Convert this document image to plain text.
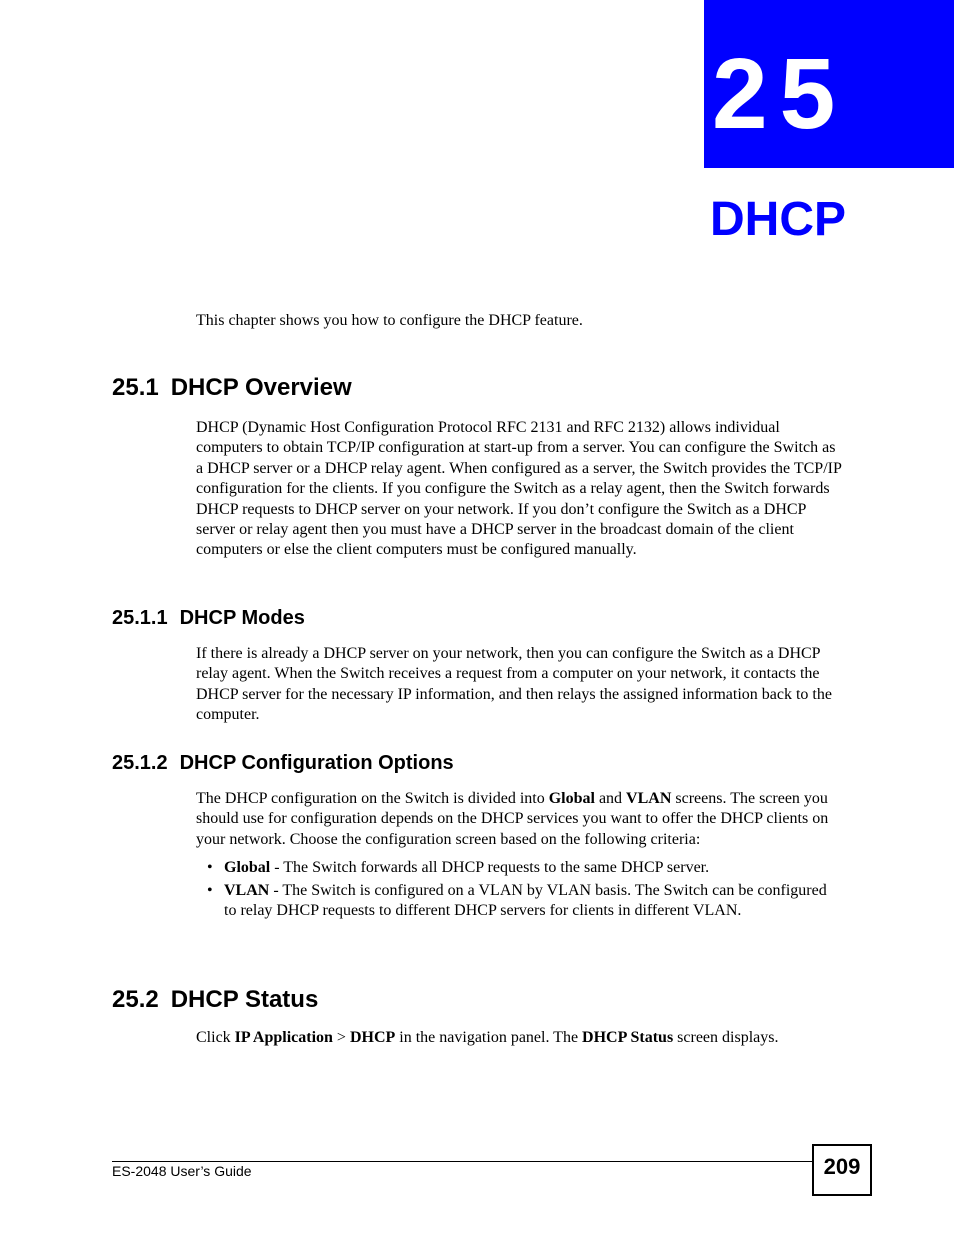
25
DHCP

This chapter shows you how to configure the DHCP feature.

25.1 DHCP Overview

DHCP (Dynamic Host Configuration Protocol RFC 2131 and RFC 2132) allows individual computers to obtain TCP/IP configuration at start-up from a server. You can configure the Switch as a DHCP server or a DHCP relay agent. When configured as a server, the Switch provides the TCP/IP configuration for the clients. If you configure the Switch as a relay agent, then the Switch forwards DHCP requests to DHCP server on your network. If you don’t configure the Switch as a DHCP server or relay agent then you must have a DHCP server in the broadcast domain of the client computers or else the client computers must be configured manually.

25.1.1 DHCP Modes

If there is already a DHCP server on your network, then you can configure the Switch as a DHCP relay agent. When the Switch receives a request from a computer on your network, it contacts the DHCP server for the necessary IP information, and then relays the assigned information back to the computer.

25.1.2 DHCP Configuration Options

The DHCP configuration on the Switch is divided into Global and VLAN screens. The screen you should use for configuration depends on the DHCP services you want to offer the DHCP clients on your network. Choose the configuration screen based on the following criteria:

• Global - The Switch forwards all DHCP requests to the same DHCP server.
• VLAN - The Switch is configured on a VLAN by VLAN basis. The Switch can be configured to relay DHCP requests to different DHCP servers for clients in different VLAN.
25.2 DHCP Status

Click IP Application > DHCP in the navigation panel. The DHCP Status screen displays.

ES-2048 User’s Guide	209
